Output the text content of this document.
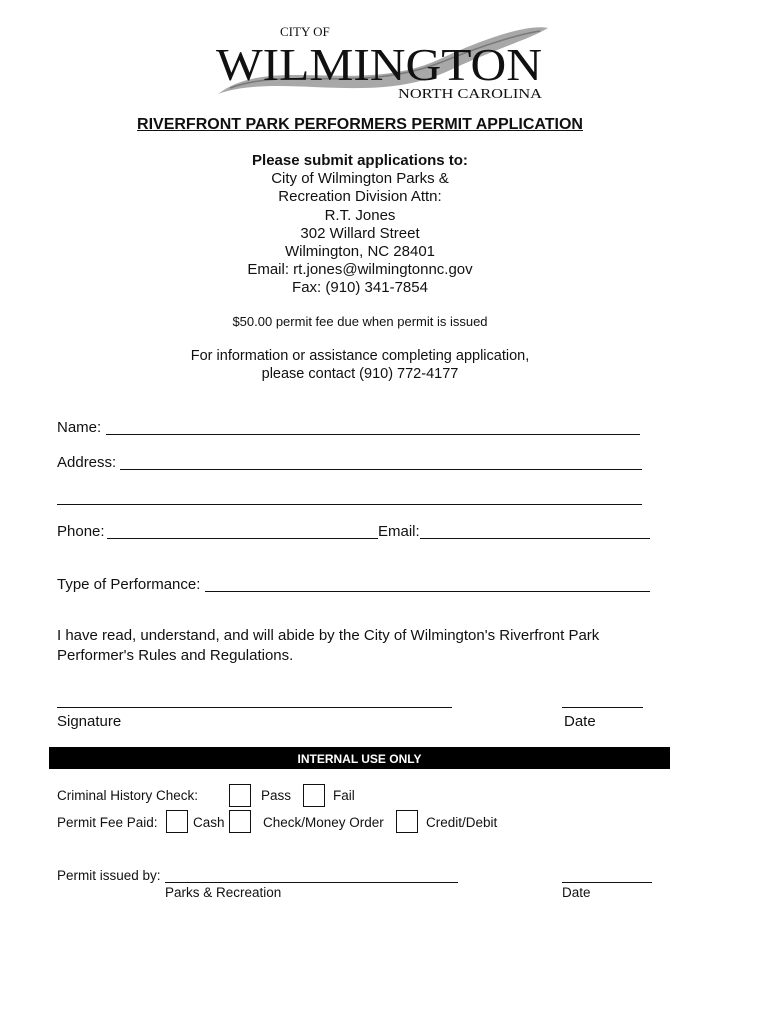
CITY OF
WILMINGTON
NORTH CAROLINA
RIVERFRONT PARK PERFORMERS PERMIT APPLICATION
Please submit applications to:
City of Wilmington Parks &
Recreation Division Attn:
R.T. Jones
302 Willard Street
Wilmington, NC 28401
Email: rt.jones@wilmingtonnc.gov
Fax: (910) 341-7854
$50.00 permit fee due when permit is issued
For information or assistance completing application,
please contact (910) 772-4177
Name:
Address:
Phone:	Email:
Type of Performance:
I have read, understand, and will abide by the City of Wilmington's Riverfront Park Performer's Rules and Regulations.
Signature	Date
INTERNAL USE ONLY
Criminal History Check:	Pass	Fail
Permit Fee Paid:	Cash	Check/Money Order	Credit/Debit
Permit issued by:
Parks & Recreation	Date
